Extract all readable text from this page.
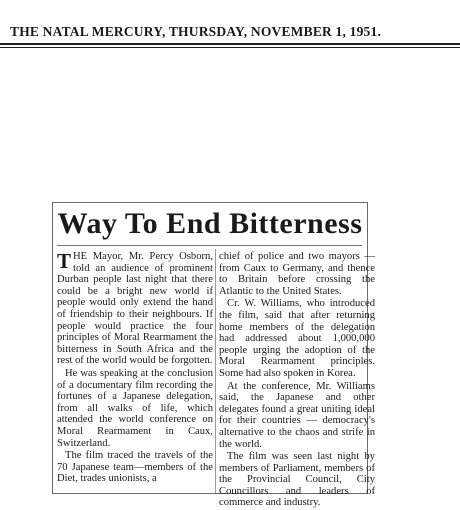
THE NATAL MERCURY, THURSDAY, NOVEMBER 1, 1951.
Way To End Bitterness

THE Mayor, Mr. Percy Osborn, told an audience of prominent Durban people last night that there could be a bright new world if people would only extend the hand of friendship to their neighbours. If people would practice the four principles of Moral Rearmament the bitterness in South Africa and the rest of the world would be forgotten.

He was speaking at the conclusion of a documentary film recording the fortunes of a Japanese delegation, from all walks of life, which attended the world conference on Moral Rearmament in Caux, Switzerland.

The film traced the travels of the 70 Japanese team—members of the Diet, trades unionists, a

chief of police and two mayors —from Caux to Germany, and thence to Britain before crossing the Atlantic to the United States.

Cr. W. Williams, who introduced the film, said that after returning home members of the delegation had addressed about 1,000,000 people urging the adoption of the Moral Rearmament principles. Some had also spoken in Korea.

At the conference, Mr. Williams said, the Japanese and other delegates found a great uniting ideal for their countries — democracy's alternative to the chaos and strife in the world.

The film was seen last night by members of Parliament, members of the Provincial Council, City Councillors and leaders of commerce and industry.
